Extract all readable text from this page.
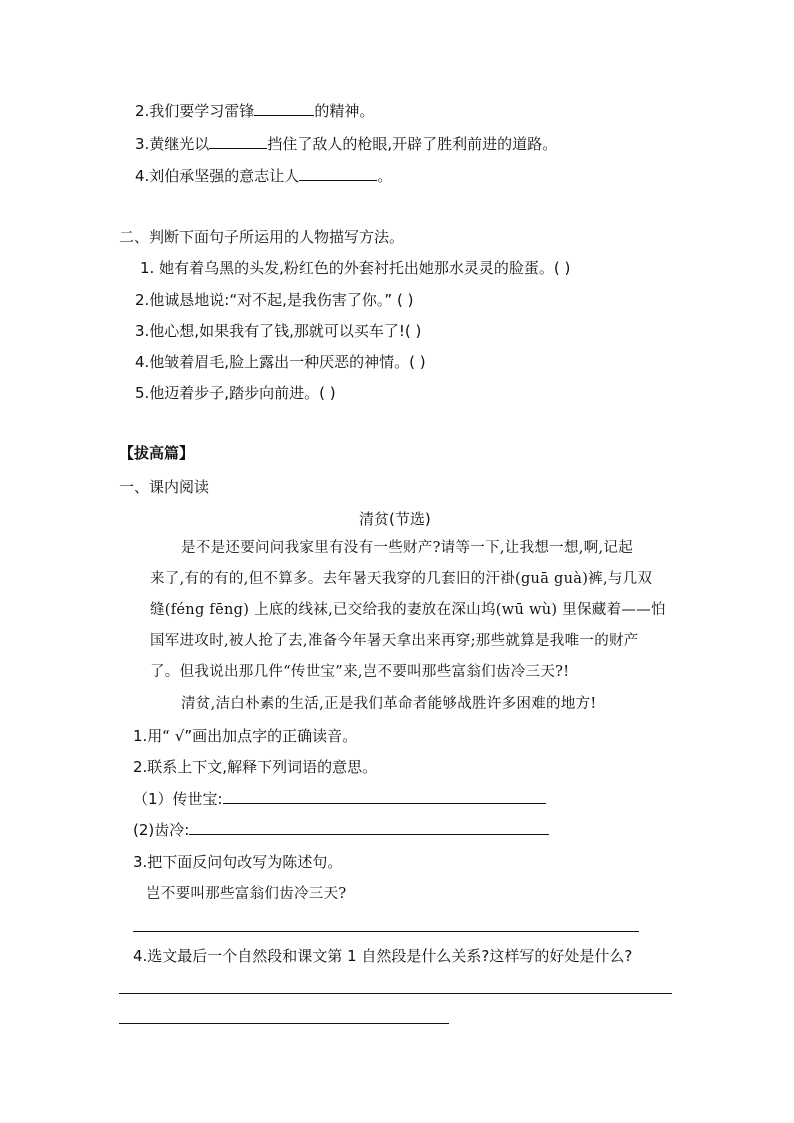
2.我们要学习雷锋	的精神。
3.黄继光以	挡住了敌人的枪眼,开辟了胜利前进的道路。
4.刘伯承坚强的意志让人	。
二、判断下面句子所运用的人物描写方法。
1. 她有着乌黑的头发,粉红色的外套衬托出她那水灵灵的脸蛋。( )
2.他诚恳地说:“对不起,是我伤害了你。” ( )
3.他心想,如果我有了钱,那就可以买车了!( )
4.他皱着眉毛,脸上露出一种厌恶的神情。( )
5.他迈着步子,踏步向前进。( )
【拔高篇】
一、课内阅读
清贫(节选)
是不是还要问问我家里有没有一些财产?请等一下,让我想一想,啊,记起
来了,有的有的,但不算多。去年暑天我穿的几套旧的汗褂(guā guà)裤,与几双
缝(féng fēng) 上底的线袜,已交给我的妻放在深山坞(wū wù) 里保藏着——怕
国军进攻时,被人抢了去,准备今年暑天拿出来再穿;那些就算是我唯一的财产
了。但我说出那几件“传世宝”来,岂不要叫那些富翁们齿冷三天?!
清贫,洁白朴素的生活,正是我们革命者能够战胜许多困难的地方!
1.用“ √”画出加点字的正确读音。
2.联系上下文,解释下列词语的意思。
（1）传世宝:
(2)齿冷:
3.把下面反问句改写为陈述句。
岂不要叫那些富翁们齿冷三天?
4.选文最后一个自然段和课文第 1 自然段是什么关系?这样写的好处是什么?
